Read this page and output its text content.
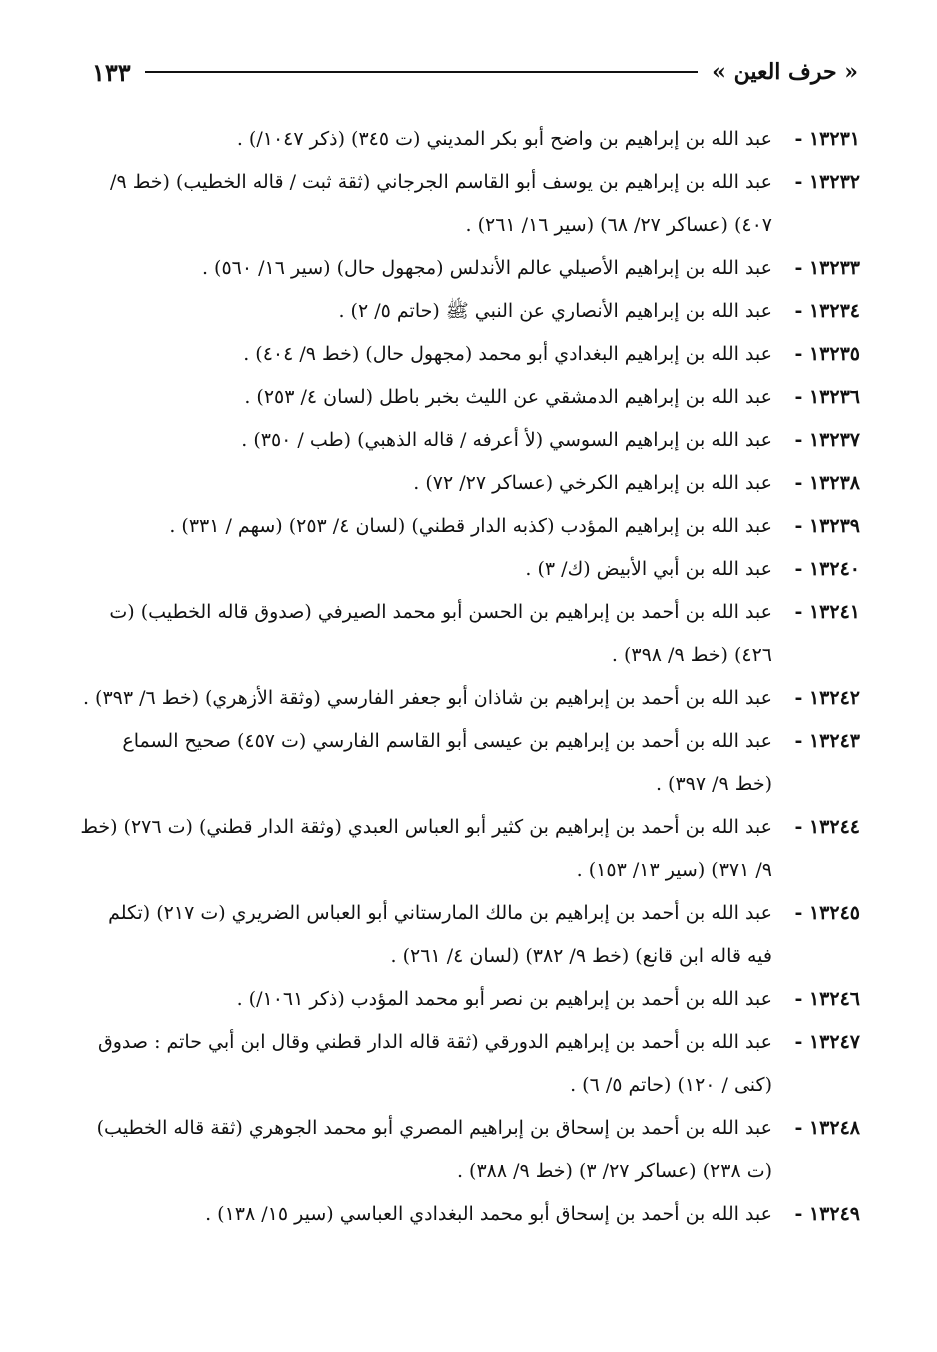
« حرف العين »
١٣٣

١٣٢٣١ -عبد الله بن إبراهيم بن واضح أبو بكر المديني (ت ٣٤٥) (ذكر ١٠٤٧/) .

١٣٢٣٢ -عبد الله بن إبراهيم بن يوسف أبو القاسم الجرجاني (ثقة ثبت / قاله الخطيب) (خط ٩/ ٤٠٧) (عساكر ٢٧/ ٦٨) (سير ١٦/ ٢٦١) .

١٣٢٣٣ -عبد الله بن إبراهيم الأصيلي عالم الأندلس (مجهول حال) (سير ١٦/ ٥٦٠) .

١٣٢٣٤ -عبد الله بن إبراهيم الأنصاري عن النبي ﷺ (حاتم ٥/ ٢) .

١٣٢٣٥ -عبد الله بن إبراهيم البغدادي أبو محمد (مجهول حال) (خط ٩/ ٤٠٤) .

١٣٢٣٦ -عبد الله بن إبراهيم الدمشقي عن الليث بخبر باطل (لسان ٤/ ٢٥٣) .

١٣٢٣٧ -عبد الله بن إبراهيم السوسي (لأ أعرفه / قاله الذهبي) (طب / ٣٥٠) .

١٣٢٣٨ -عبد الله بن إبراهيم الكرخي (عساكر ٢٧/ ٧٢) .

١٣٢٣٩ -عبد الله بن إبراهيم المؤدب (كذبه الدار قطني) (لسان ٤/ ٢٥٣) (سهم / ٣٣١) .

١٣٢٤٠ -عبد الله بن أبي الأبيض (ك/ ٣) .

١٣٢٤١ -عبد الله بن أحمد بن إبراهيم بن الحسن أبو محمد الصيرفي (صدوق قاله الخطيب) (ت ٤٢٦) (خط ٩/ ٣٩٨) .

١٣٢٤٢ -عبد الله بن أحمد بن إبراهيم بن شاذان أبو جعفر الفارسي (وثقة الأزهري) (خط ٦/ ٣٩٣) .

١٣٢٤٣ -عبد الله بن أحمد بن إبراهيم بن عيسى أبو القاسم الفارسي (ت ٤٥٧) صحيح السماع (خط ٩/ ٣٩٧) .

١٣٢٤٤ -عبد الله بن أحمد بن إبراهيم بن كثير أبو العباس العبدي (وثقة الدار قطني) (ت ٢٧٦) (خط ٩/ ٣٧١) (سير ١٣/ ١٥٣) .

١٣٢٤٥ -عبد الله بن أحمد بن إبراهيم بن مالك المارستاني أبو العباس الضريري (ت ٢١٧) (تكلم فيه قاله ابن قانع) (خط ٩/ ٣٨٢) (لسان ٤/ ٢٦١) .

١٣٢٤٦ -عبد الله بن أحمد بن إبراهيم بن نصر أبو محمد المؤدب (ذكر ١٠٦١/) .

١٣٢٤٧ -عبد الله بن أحمد بن إبراهيم الدورقي (ثقة قاله الدار قطني وقال ابن أبي حاتم : صدوق (كنى / ١٢٠) (حاتم ٥/ ٦) .

١٣٢٤٨ -عبد الله بن أحمد بن إسحاق بن إبراهيم المصري أبو محمد الجوهري (ثقة قاله الخطيب) (ت ٢٣٨) (عساكر ٢٧/ ٣) (خط ٩/ ٣٨٨) .

١٣٢٤٩ -عبد الله بن أحمد بن إسحاق أبو محمد البغدادي العباسي (سير ١٥/ ١٣٨) .
